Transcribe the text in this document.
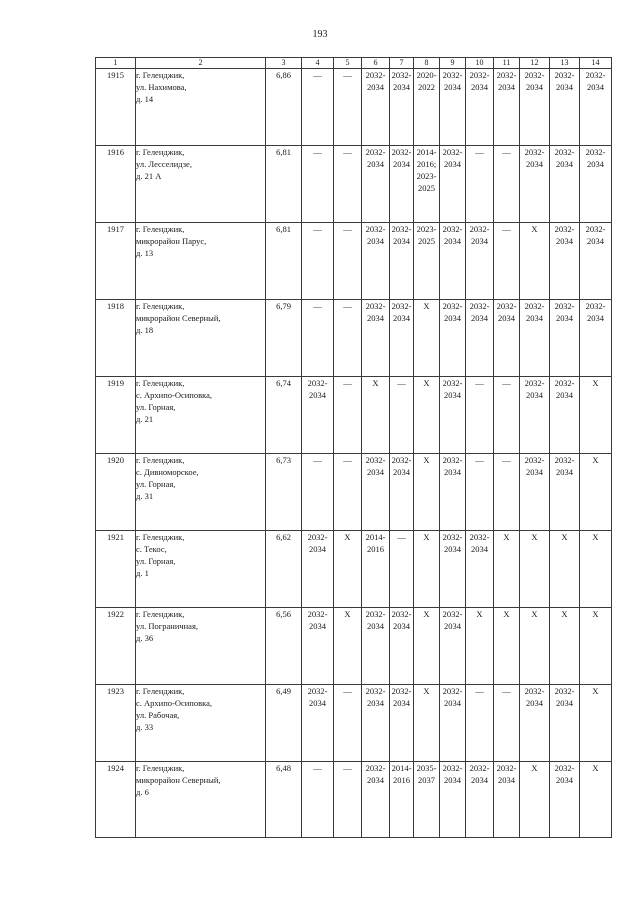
193
1	2	3	4	5	6	7	8	9	10	11	12	13	14
1915	г. Геленджик,
ул. Нахимова,
д. 14	6,86	—	—	2032-
2034	2032-
2034	2020-
2022	2032-
2034	2032-
2034	2032-
2034	2032-
2034	2032-
2034	2032-
2034

1916	г. Геленджик,
ул. Лесселидзе,
д. 21 А	6,81	—	—	2032-
2034	2032-
2034	2014-
2016;
2023-
2025	2032-
2034	—	—	2032-
2034	2032-
2034	2032-
2034

1917	г. Геленджик,
микрорайон Парус,
д. 13	6,81	—	—	2032-
2034	2032-
2034	2023-
2025	2032-
2034	2032-
2034	—	X	2032-
2034	2032-
2034

1918	г. Геленджик,
микрорайон Северный,
д. 18	6,79	—	—	2032-
2034	2032-
2034	X	2032-
2034	2032-
2034	2032-
2034	2032-
2034	2032-
2034	2032-
2034

1919	г. Геленджик,
с. Архипо-Осиповка,
ул. Горная,
д. 21	6,74	2032-
2034	—	X	—	X	2032-
2034	—	—	2032-
2034	2032-
2034	X

1920	г. Геленджик,
с. Дивноморское,
ул. Горная,
д. 31	6,73	—	—	2032-
2034	2032-
2034	X	2032-
2034	—	—	2032-
2034	2032-
2034	X

1921	г. Геленджик,
с. Текос,
ул. Горная,
д. 1	6,62	2032-
2034	X	2014-
2016	—	X	2032-
2034	2032-
2034	X	X	X	X

1922	г. Геленджик,
ул. Пограничная,
д. 36	6,56	2032-
2034	X	2032-
2034	2032-
2034	X	2032-
2034	X	X	X	X	X

1923	г. Геленджик,
с. Архипо-Осиповка,
ул. Рабочая,
д. 33	6,49	2032-
2034	—	2032-
2034	2032-
2034	X	2032-
2034	—	—	2032-
2034	2032-
2034	X

1924	г. Геленджик,
микрорайон Северный,
д. 6	6,48	—	—	2032-
2034	2014-
2016	2035-
2037	2032-
2034	2032-
2034	2032-
2034	X	2032-
2034	X
